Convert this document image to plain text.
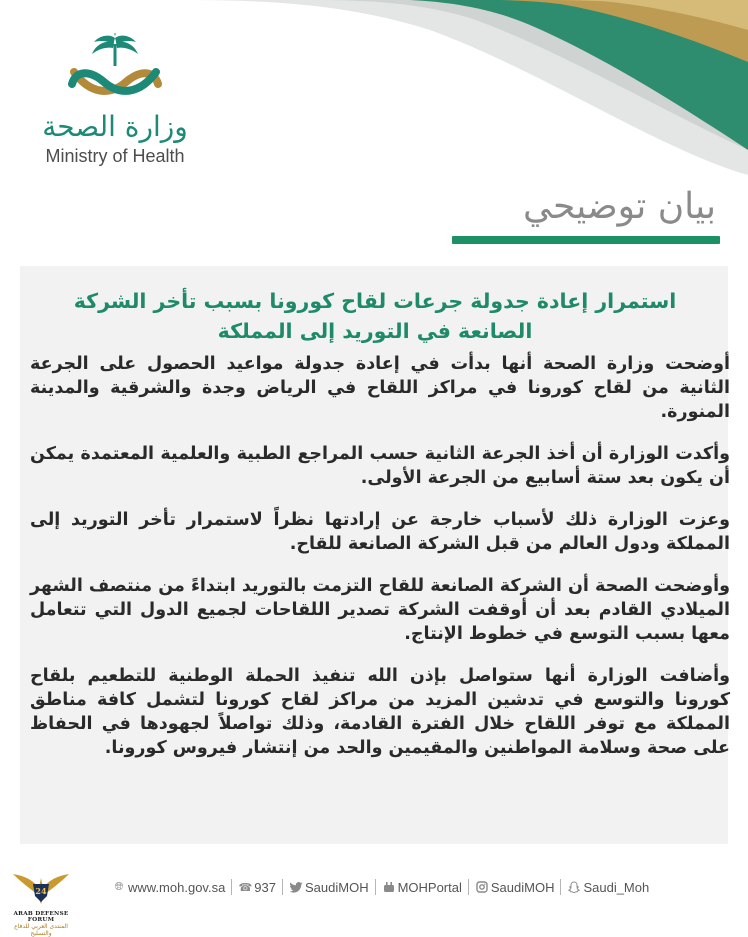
وزارة الصحة
Ministry of Health
بيان توضيحي
استمرار إعادة جدولة جرعات لقاح كورونا بسبب تأخر الشركة الصانعة في التوريد إلى المملكة

أوضحت وزارة الصحة أنها بدأت في إعادة جدولة مواعيد الحصول على الجرعة الثانية من لقاح كورونا في مراكز اللقاح في الرياض وجدة والشرقية والمدينة المنورة.

وأكدت الوزارة أن أخذ الجرعة الثانية حسب المراجع الطبية والعلمية المعتمدة يمكن أن يكون بعد ستة أسابيع من الجرعة الأولى.

وعزت الوزارة ذلك لأسباب خارجة عن إرادتها نظراً لاستمرار تأخر التوريد إلى المملكة ودول العالم من قبل الشركة الصانعة للقاح.

وأوضحت الصحة أن الشركة الصانعة للقاح التزمت بالتوريد ابتداءً من منتصف الشهر الميلادي القادم بعد أن أوقفت الشركة تصدير اللقاحات لجميع الدول التي تتعامل معها بسبب التوسع في خطوط الإنتاج.

وأضافت الوزارة أنها ستواصل بإذن الله تنفيذ الحملة الوطنية للتطعيم بلقاح كورونا والتوسع في تدشين المزيد من مراكز لقاح كورونا لتشمل كافة مناطق المملكة مع توفر اللقاح خلال الفترة القادمة، وذلك تواصلاً لجهودها في الحفاظ على صحة وسلامة المواطنين والمقيمين والحد من إنتشار فيروس كورونا.

24
ARAB DEFENSE FORUM
المنتدى العربي للدفاع والتسليح
🌐︎ www.moh.gov.sa ☎︎ 937 SaudiMOH MOHPortal SaudiMOH Saudi_Moh
